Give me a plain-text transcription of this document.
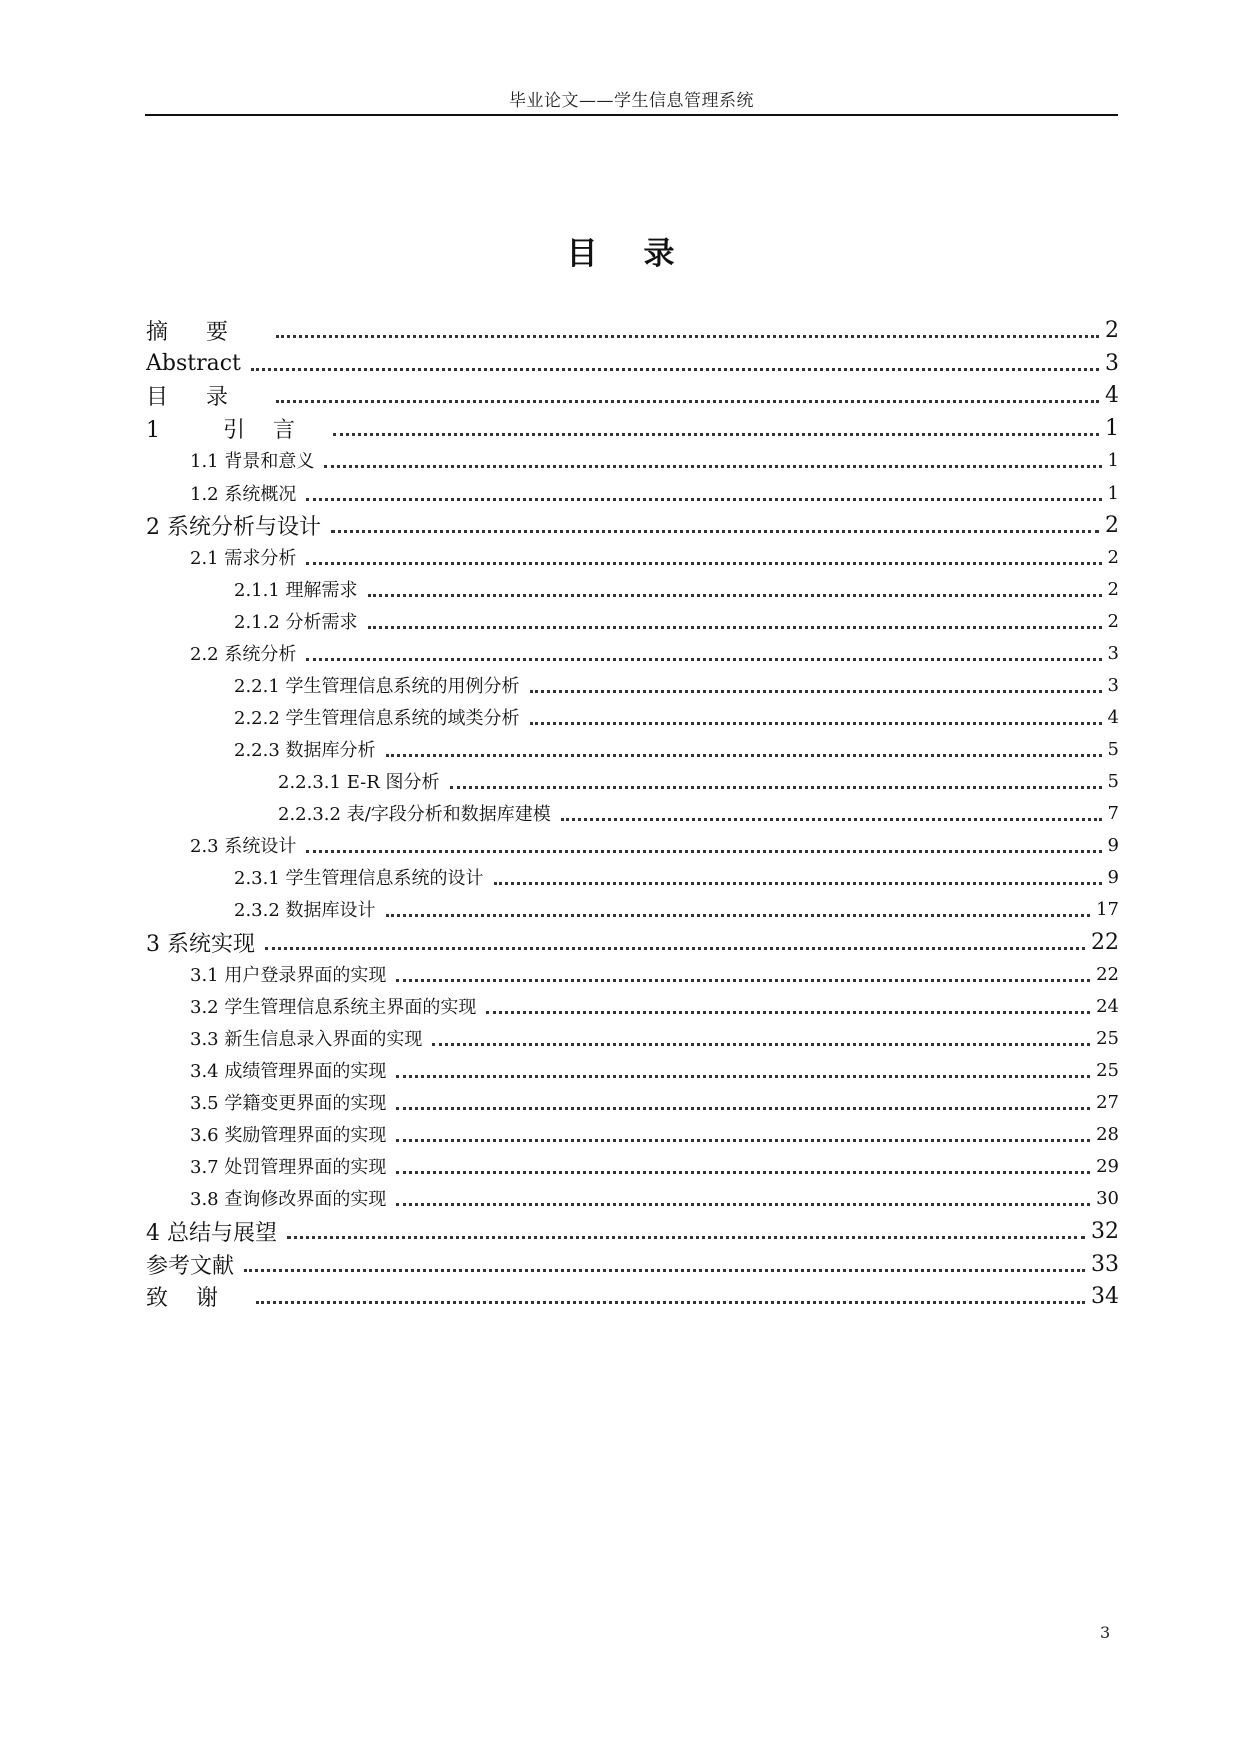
毕业论文——学生信息管理系统
目录
摘要	2
Abstract	3
目录	4
1 引言	1
1.1 背景和意义	1
1.2 系统概况	1
2 系统分析与设计	2
2.1 需求分析	2
2.1.1 理解需求	2
2.1.2 分析需求	2
2.2 系统分析	3
2.2.1 学生管理信息系统的用例分析	3
2.2.2 学生管理信息系统的域类分析	4
2.2.3 数据库分析	5
2.2.3.1 E-R 图分析	5
2.2.3.2 表/字段分析和数据库建模	7
2.3 系统设计	9
2.3.1 学生管理信息系统的设计	9
2.3.2 数据库设计	17
3 系统实现	22
3.1 用户登录界面的实现	22
3.2 学生管理信息系统主界面的实现	24
3.3 新生信息录入界面的实现	25
3.4 成绩管理界面的实现	25
3.5 学籍变更界面的实现	27
3.6 奖励管理界面的实现	28
3.7 处罚管理界面的实现	29
3.8 查询修改界面的实现	30
4 总结与展望	32
参考文献	33
致谢	34
3
